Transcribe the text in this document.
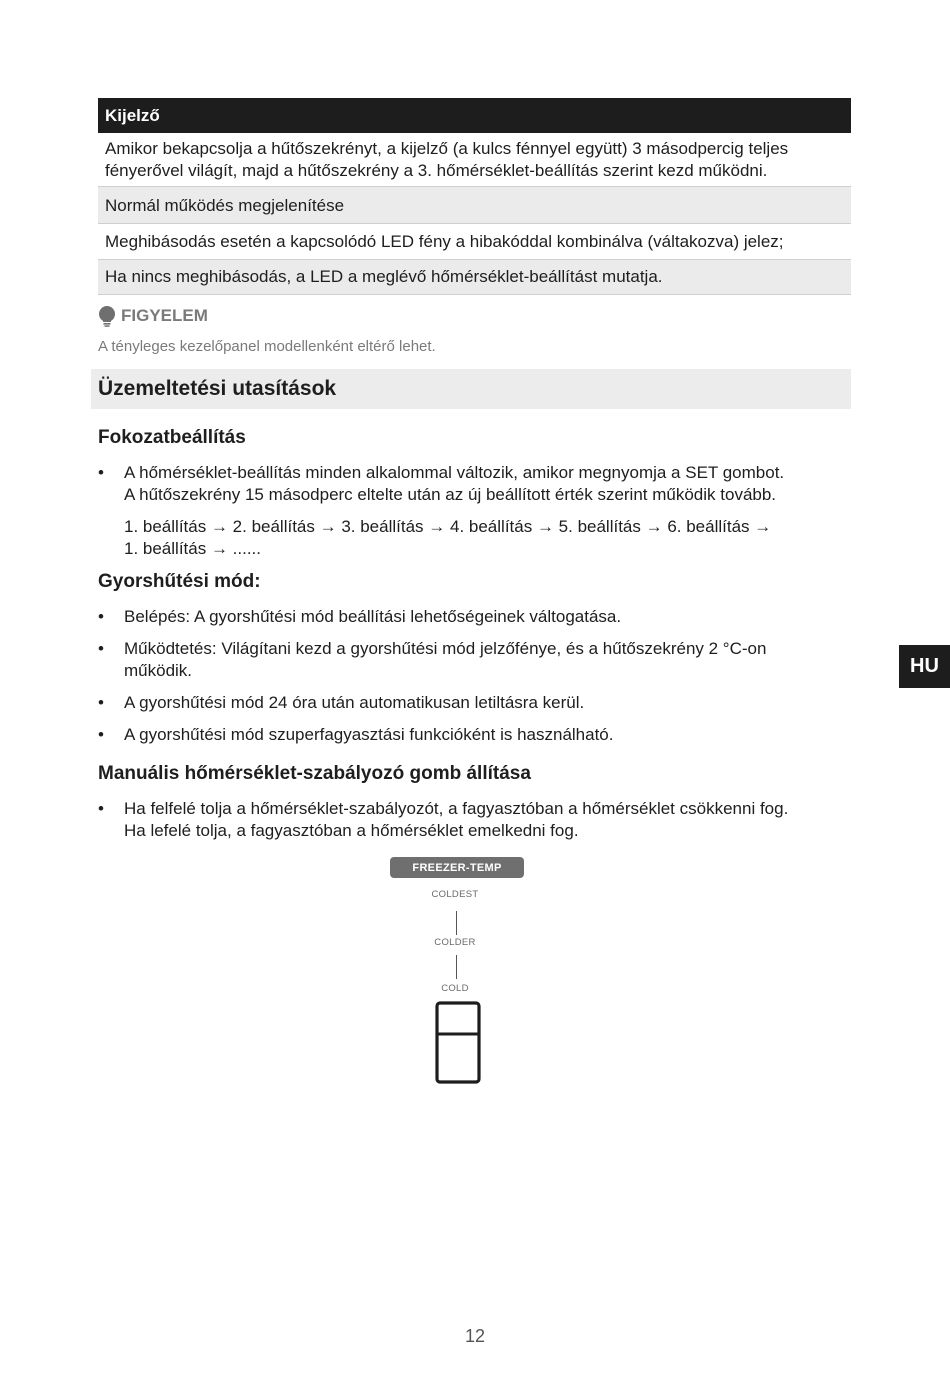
Kijelző
Amikor bekapcsolja a hűtőszekrényt, a kijelző (a kulcs fénnyel együtt) 3 másodpercig teljes
fényerővel világít, majd a hűtőszekrény a 3. hőmérséklet-beállítás szerint kezd működni.
Normál működés megjelenítése
Meghibásodás esetén a kapcsolódó LED fény a hibakóddal kombinálva (váltakozva) jelez;
Ha nincs meghibásodás, a LED a meglévő hőmérséklet-beállítást mutatja.
FIGYELEM
A tényleges kezelőpanel modellenként eltérő lehet.
Üzemeltetési utasítások
Fokozatbeállítás
• A hőmérséklet-beállítás minden alkalommal változik, amikor megnyomja a SET gombot.
A hűtőszekrény 15 másodperc eltelte után az új beállított érték szerint működik tovább.
1. beállítás → 2. beállítás → 3. beállítás → 4. beállítás → 5. beállítás → 6. beállítás →
1. beállítás → ......
Gyorshűtési mód:
• Belépés: A gyorshűtési mód beállítási lehetőségeinek váltogatása.
• Működtetés: Világítani kezd a gyorshűtési mód jelzőfénye, és a hűtőszekrény 2 °C-on
működik.
• A gyorshűtési mód 24 óra után automatikusan letiltásra kerül.
• A gyorshűtési mód szuperfagyasztási funkcióként is használható.
Manuális hőmérséklet-szabályozó gomb állítása
• Ha felfelé tolja a hőmérséklet-szabályozót, a fagyasztóban a hőmérséklet csökkenni fog.
Ha lefelé tolja, a fagyasztóban a hőmérséklet emelkedni fog.
HU
FREEZER-TEMP
COLDEST
COLDER
COLD
12
